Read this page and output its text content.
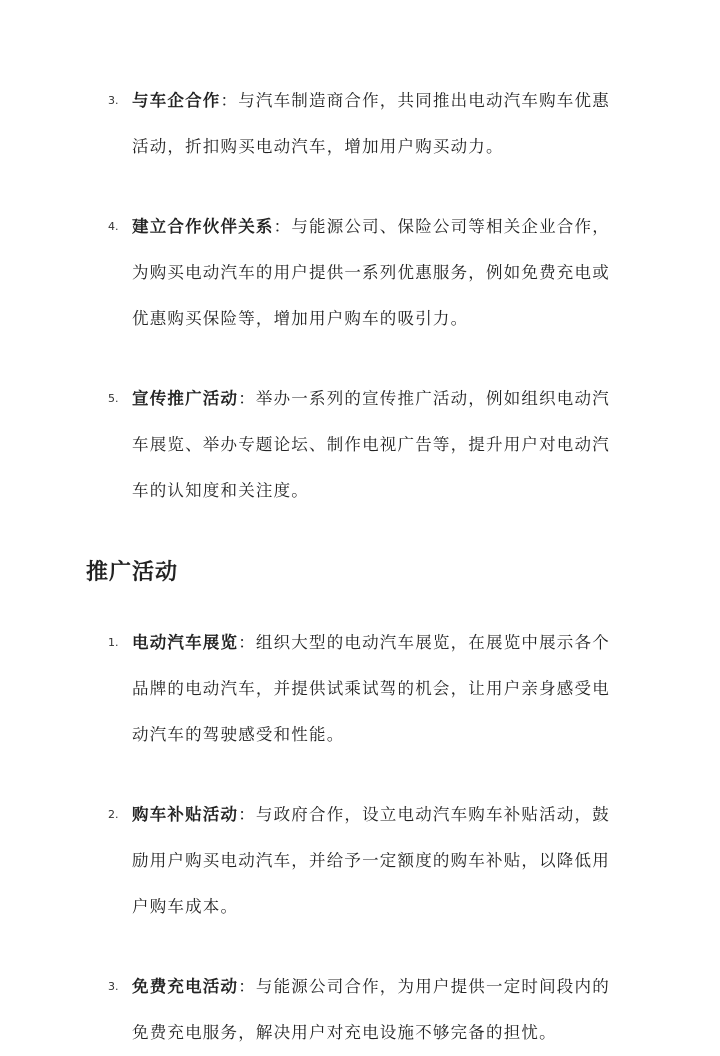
3. 与车企合作：与汽车制造商合作，共同推出电动汽车购车优惠活动，折扣购买电动汽车，增加用户购买动力。
4. 建立合作伙伴关系：与能源公司、保险公司等相关企业合作，为购买电动汽车的用户提供一系列优惠服务，例如免费充电或优惠购买保险等，增加用户购车的吸引力。
5. 宣传推广活动：举办一系列的宣传推广活动，例如组织电动汽车展览、举办专题论坛、制作电视广告等，提升用户对电动汽车的认知度和关注度。
推广活动
1. 电动汽车展览：组织大型的电动汽车展览，在展览中展示各个品牌的电动汽车，并提供试乘试驾的机会，让用户亲身感受电动汽车的驾驶感受和性能。
2. 购车补贴活动：与政府合作，设立电动汽车购车补贴活动，鼓励用户购买电动汽车，并给予一定额度的购车补贴，以降低用户购车成本。
3. 免费充电活动：与能源公司合作，为用户提供一定时间段内的免费充电服务，解决用户对充电设施不够完备的担忧。
